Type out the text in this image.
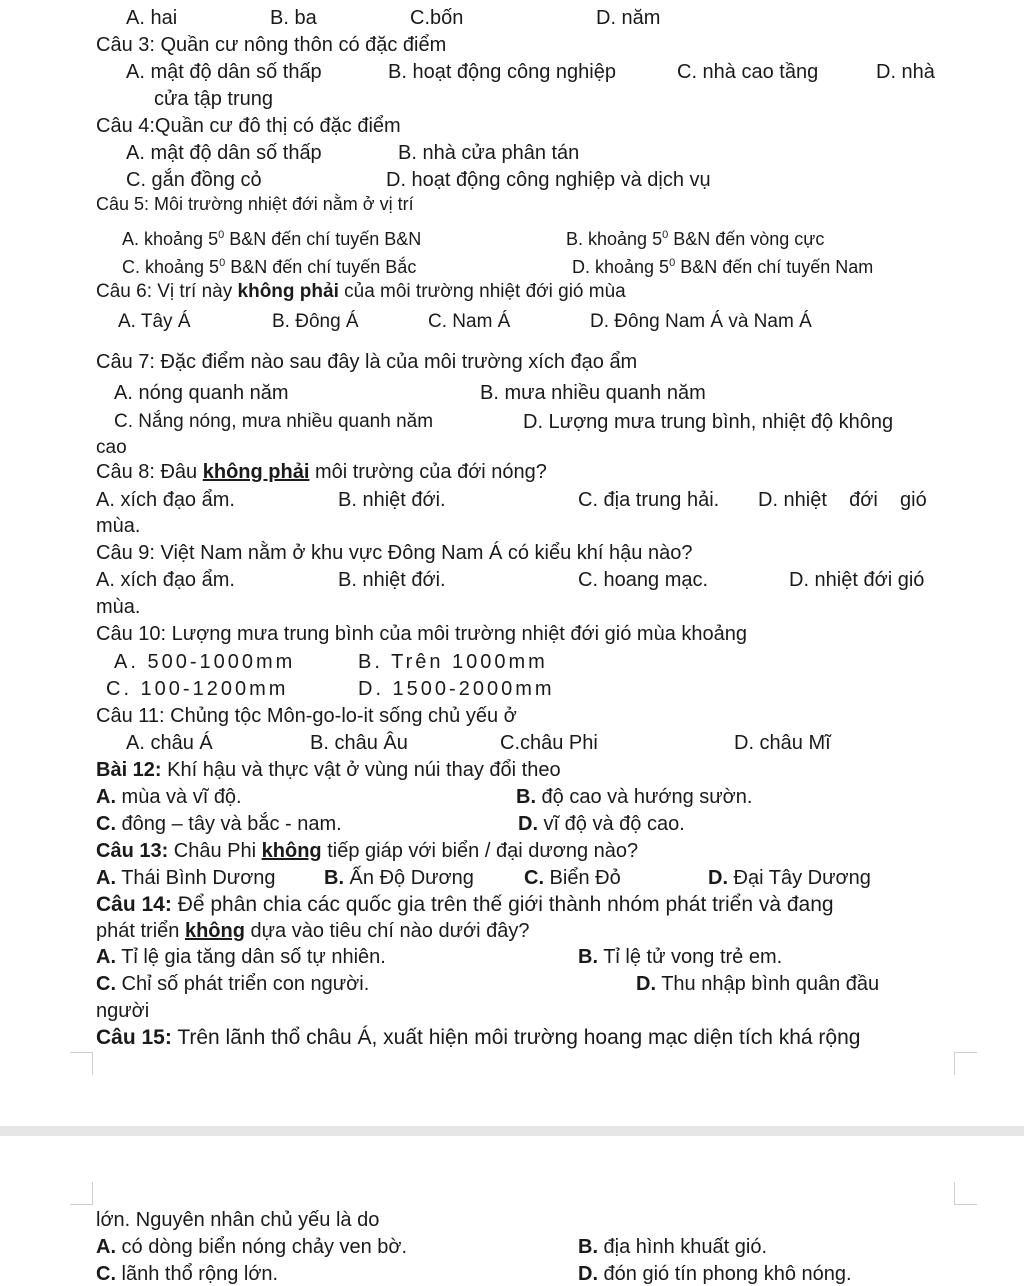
A. hai	B. ba	C.bốn	D. năm
Câu 3: Quần cư nông thôn có đặc điểm
A. mật độ dân số thấp	B. hoạt động công nghiệp	C. nhà cao tầng	D. nhà
cửa tập trung
Câu 4:Quần cư đô thị có đặc điểm
A. mật độ dân số thấp	B. nhà cửa phân tán
C. gắn đồng cỏ	D. hoạt động công nghiệp và dịch vụ
Câu 5: Môi trường nhiệt đới nằm ở vị trí
A. khoảng $5^0$ B&N đến chí tuyến B&N	B. khoảng $5^0$ B&N đến vòng cực
C. khoảng $5^0$ B&N đến chí tuyến Bắc	D. khoảng $5^0$ B&N đến chí tuyến Nam
Câu 6: Vị trí này không phải của môi trường nhiệt đới gió mùa
A. Tây Á	B. Đông Á	C. Nam Á	D. Đông Nam Á và Nam Á
Câu 7: Đặc điểm nào sau đây là của môi trường xích đạo ẩm
A. nóng quanh năm	B. mưa nhiều quanh năm
C. Nắng nóng, mưa nhiều quanh năm	D. Lượng mưa trung bình, nhiệt độ không
cao
Câu 8: Đâu không phải môi trường của đới nóng?
A. xích đạo ẩm.	B. nhiệt đới.	C. địa trung hải. D. nhiệt    đới    gió
mùa.
Câu 9: Việt Nam nằm ở khu vực Đông Nam Á có kiểu khí hậu nào?
A. xích đạo ẩm.	B. nhiệt đới.	C. hoang mạc.	D. nhiệt đới gió
mùa.
Câu 10: Lượng mưa trung bình của môi trường nhiệt đới gió mùa khoảng
A. 500-1000mm	B. Trên 1000mm
C. 100-1200mm	D. 1500-2000mm
Câu 11: Chủng tộc Môn-go-lo-it sống chủ yếu ở
A. châu Á	B. châu Âu	C.châu Phi	D. châu Mĩ
Bài 12: Khí hậu và thực vật ở vùng núi thay đổi theo
A. mùa và vĩ độ.	B. độ cao và hướng sườn.
C. đông – tây và bắc - nam.	D. vĩ độ và độ cao.
Câu 13: Châu Phi không tiếp giáp với biển / đại dương nào?
A. Thái Bình Dương B. Ấn Độ Dương	C. Biển Đỏ	D. Đại Tây Dương
Câu 14: Để phân chia các quốc gia trên thế giới thành nhóm phát triển và đang
phát triển không dựa vào tiêu chí nào dưới đây?
A. Tỉ lệ gia tăng dân số tự nhiên.	B. Tỉ lệ tử vong trẻ em.
C. Chỉ số phát triển con người.	D. Thu nhập bình quân đầu
người
Câu 15: Trên lãnh thổ châu Á, xuất hiện môi trường hoang mạc diện tích khá rộng
lớn. Nguyên nhân chủ yếu là do
A. có dòng biển nóng chảy ven bờ.	B. địa hình khuất gió.
C. lãnh thổ rộng lớn.	D. đón gió tín phong khô nóng.
